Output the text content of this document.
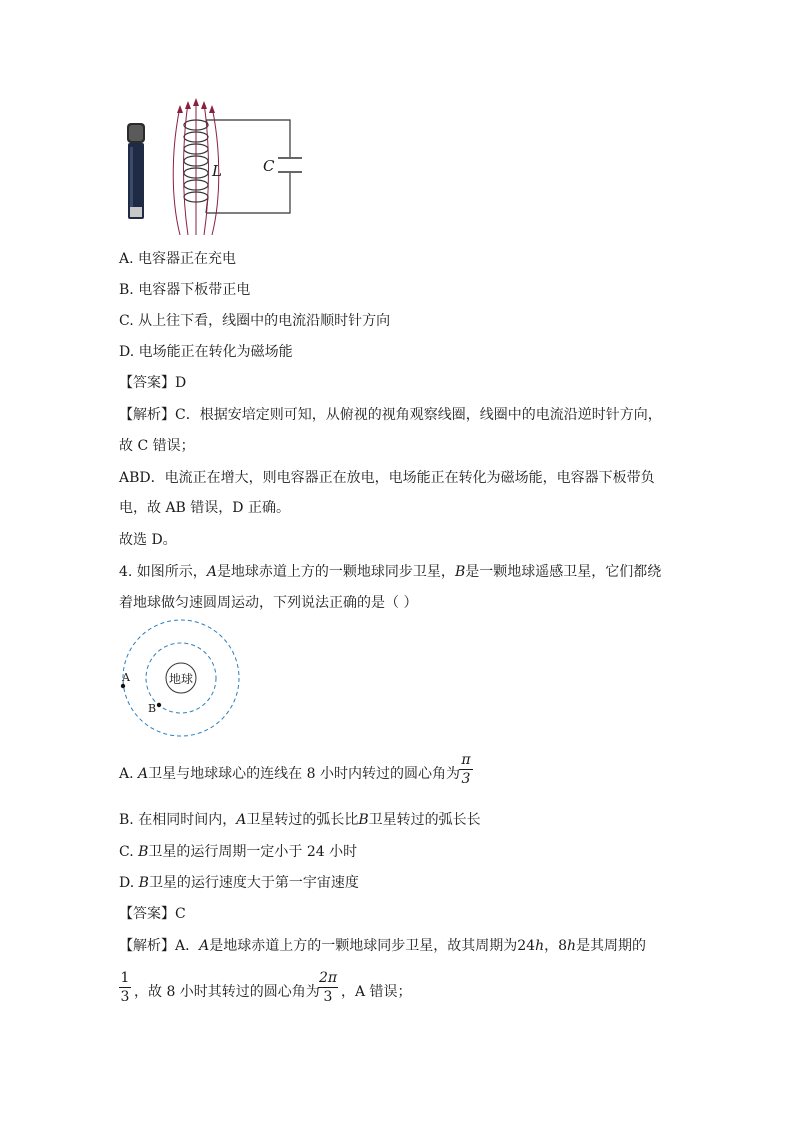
L	C
A. 电容器正在充电
B. 电容器下板带正电
C. 从上往下看，线圈中的电流沿顺时针方向
D. 电场能正在转化为磁场能
【答案】D
【解析】C．根据安培定则可知，从俯视的视角观察线圈，线圈中的电流沿逆时针方向，
故 C 错误；
ABD．电流正在增大，则电容器正在放电，电场能正在转化为磁场能，电容器下板带负
电，故 AB 错误，D 正确。
故选 D。
4. 如图所示，A是地球赤道上方的一颗地球同步卫星，B是一颗地球遥感卫星，它们都绕
着地球做匀速圆周运动，下列说法正确的是（ ）
地球
A
B
A. A卫星与地球球心的连线在 8 小时内转过的圆心角为
π
3
B. 在相同时间内，A卫星转过的弧长比B卫星转过的弧长长
C. B卫星的运行周期一定小于 24 小时
D. B卫星的运行速度大于第一宇宙速度
【答案】C
【解析】A．A是地球赤道上方的一颗地球同步卫星，故其周期为24h，8h是其周期的
1
3 ，故 8 小时其转过的圆心角为
2π
3 ，A 错误；
